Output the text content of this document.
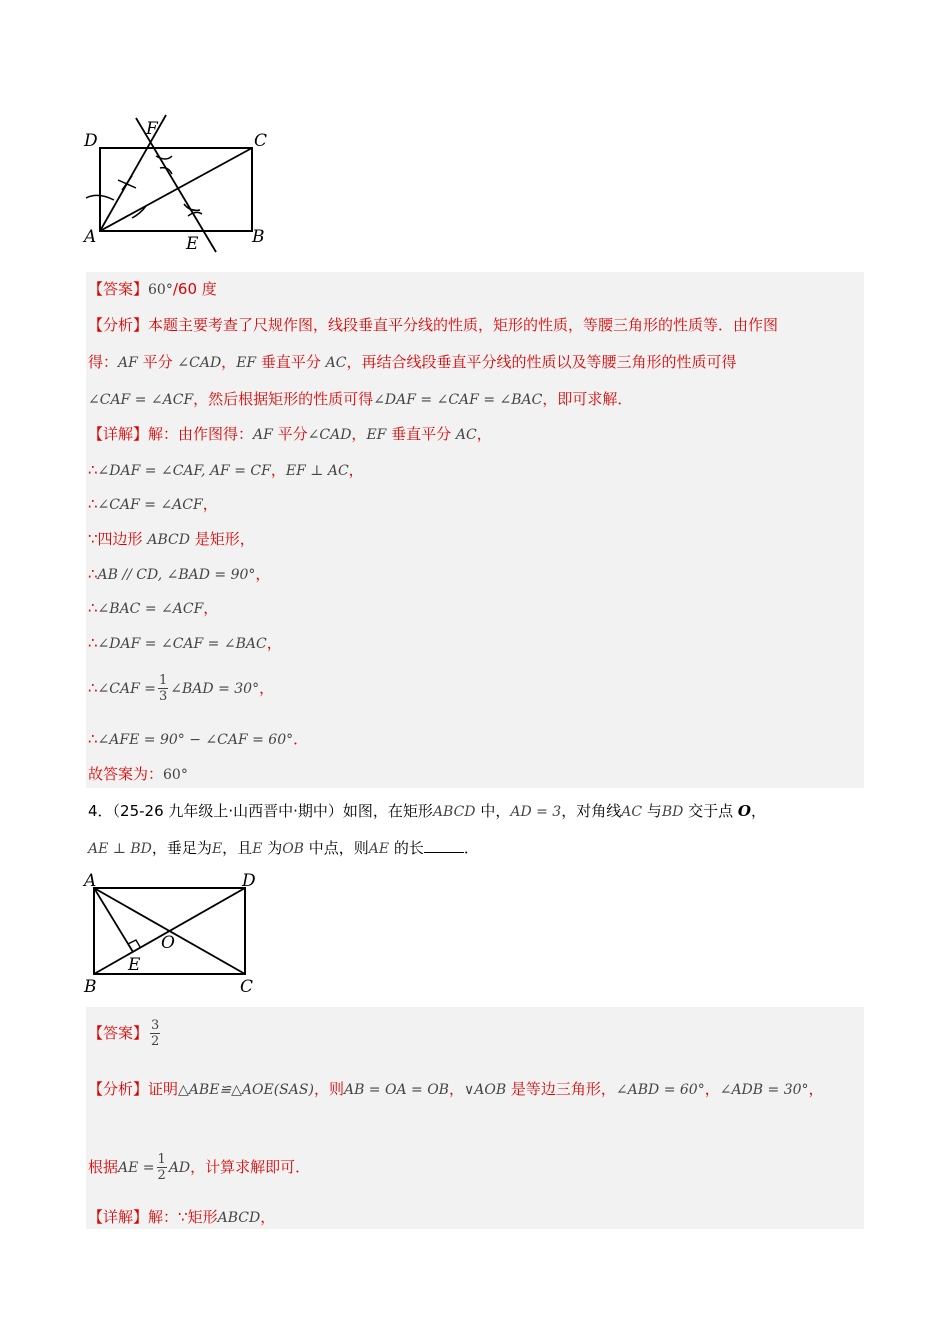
D
F
C
A	E	B
【答案】60°/60 度
【分析】本题主要考查了尺规作图，线段垂直平分线的性质，矩形的性质，等腰三角形的性质等．由作图
得：AF 平分 ∠CAD，EF 垂直平分 AC，再结合线段垂直平分线的性质以及等腰三角形的性质可得
∠CAF = ∠ACF，然后根据矩形的性质可得∠DAF = ∠CAF = ∠BAC，即可求解．
【详解】解：由作图得：AF 平分∠CAD，EF 垂直平分 AC，
∴∠DAF = ∠CAF, AF = CF，EF ⊥ AC，
∴∠CAF = ∠ACF，
∵四边形 ABCD 是矩形，
∴AB // CD, ∠BAD = 90°，
∴∠BAC = ∠ACF，
∴∠DAF = ∠CAF = ∠BAC，
∴∠CAF = $\frac{1}{3}$ ∠BAD = 30°，
∴∠AFE = 90° − ∠CAF = 60°．
故答案为：60°
4．（25-26 九年级上·山西晋中·期中）如图，在矩形ABCD 中，AD = 3，对角线AC 与BD 交于点 O，
AE ⊥ BD，垂足为E，且E 为OB 中点，则AE 的长	．
A	D
O
E
B	C
【答案】 $\frac{3}{2}$
【分析】证明△ABE≌△AOE(SAS)，则AB = OA = OB，∨AOB 是等边三角形，∠ABD = 60°，∠ADB = 30°，
根据AE = $\frac{1}{2}$ AD，计算求解即可．
【详解】解：∵矩形ABCD，
